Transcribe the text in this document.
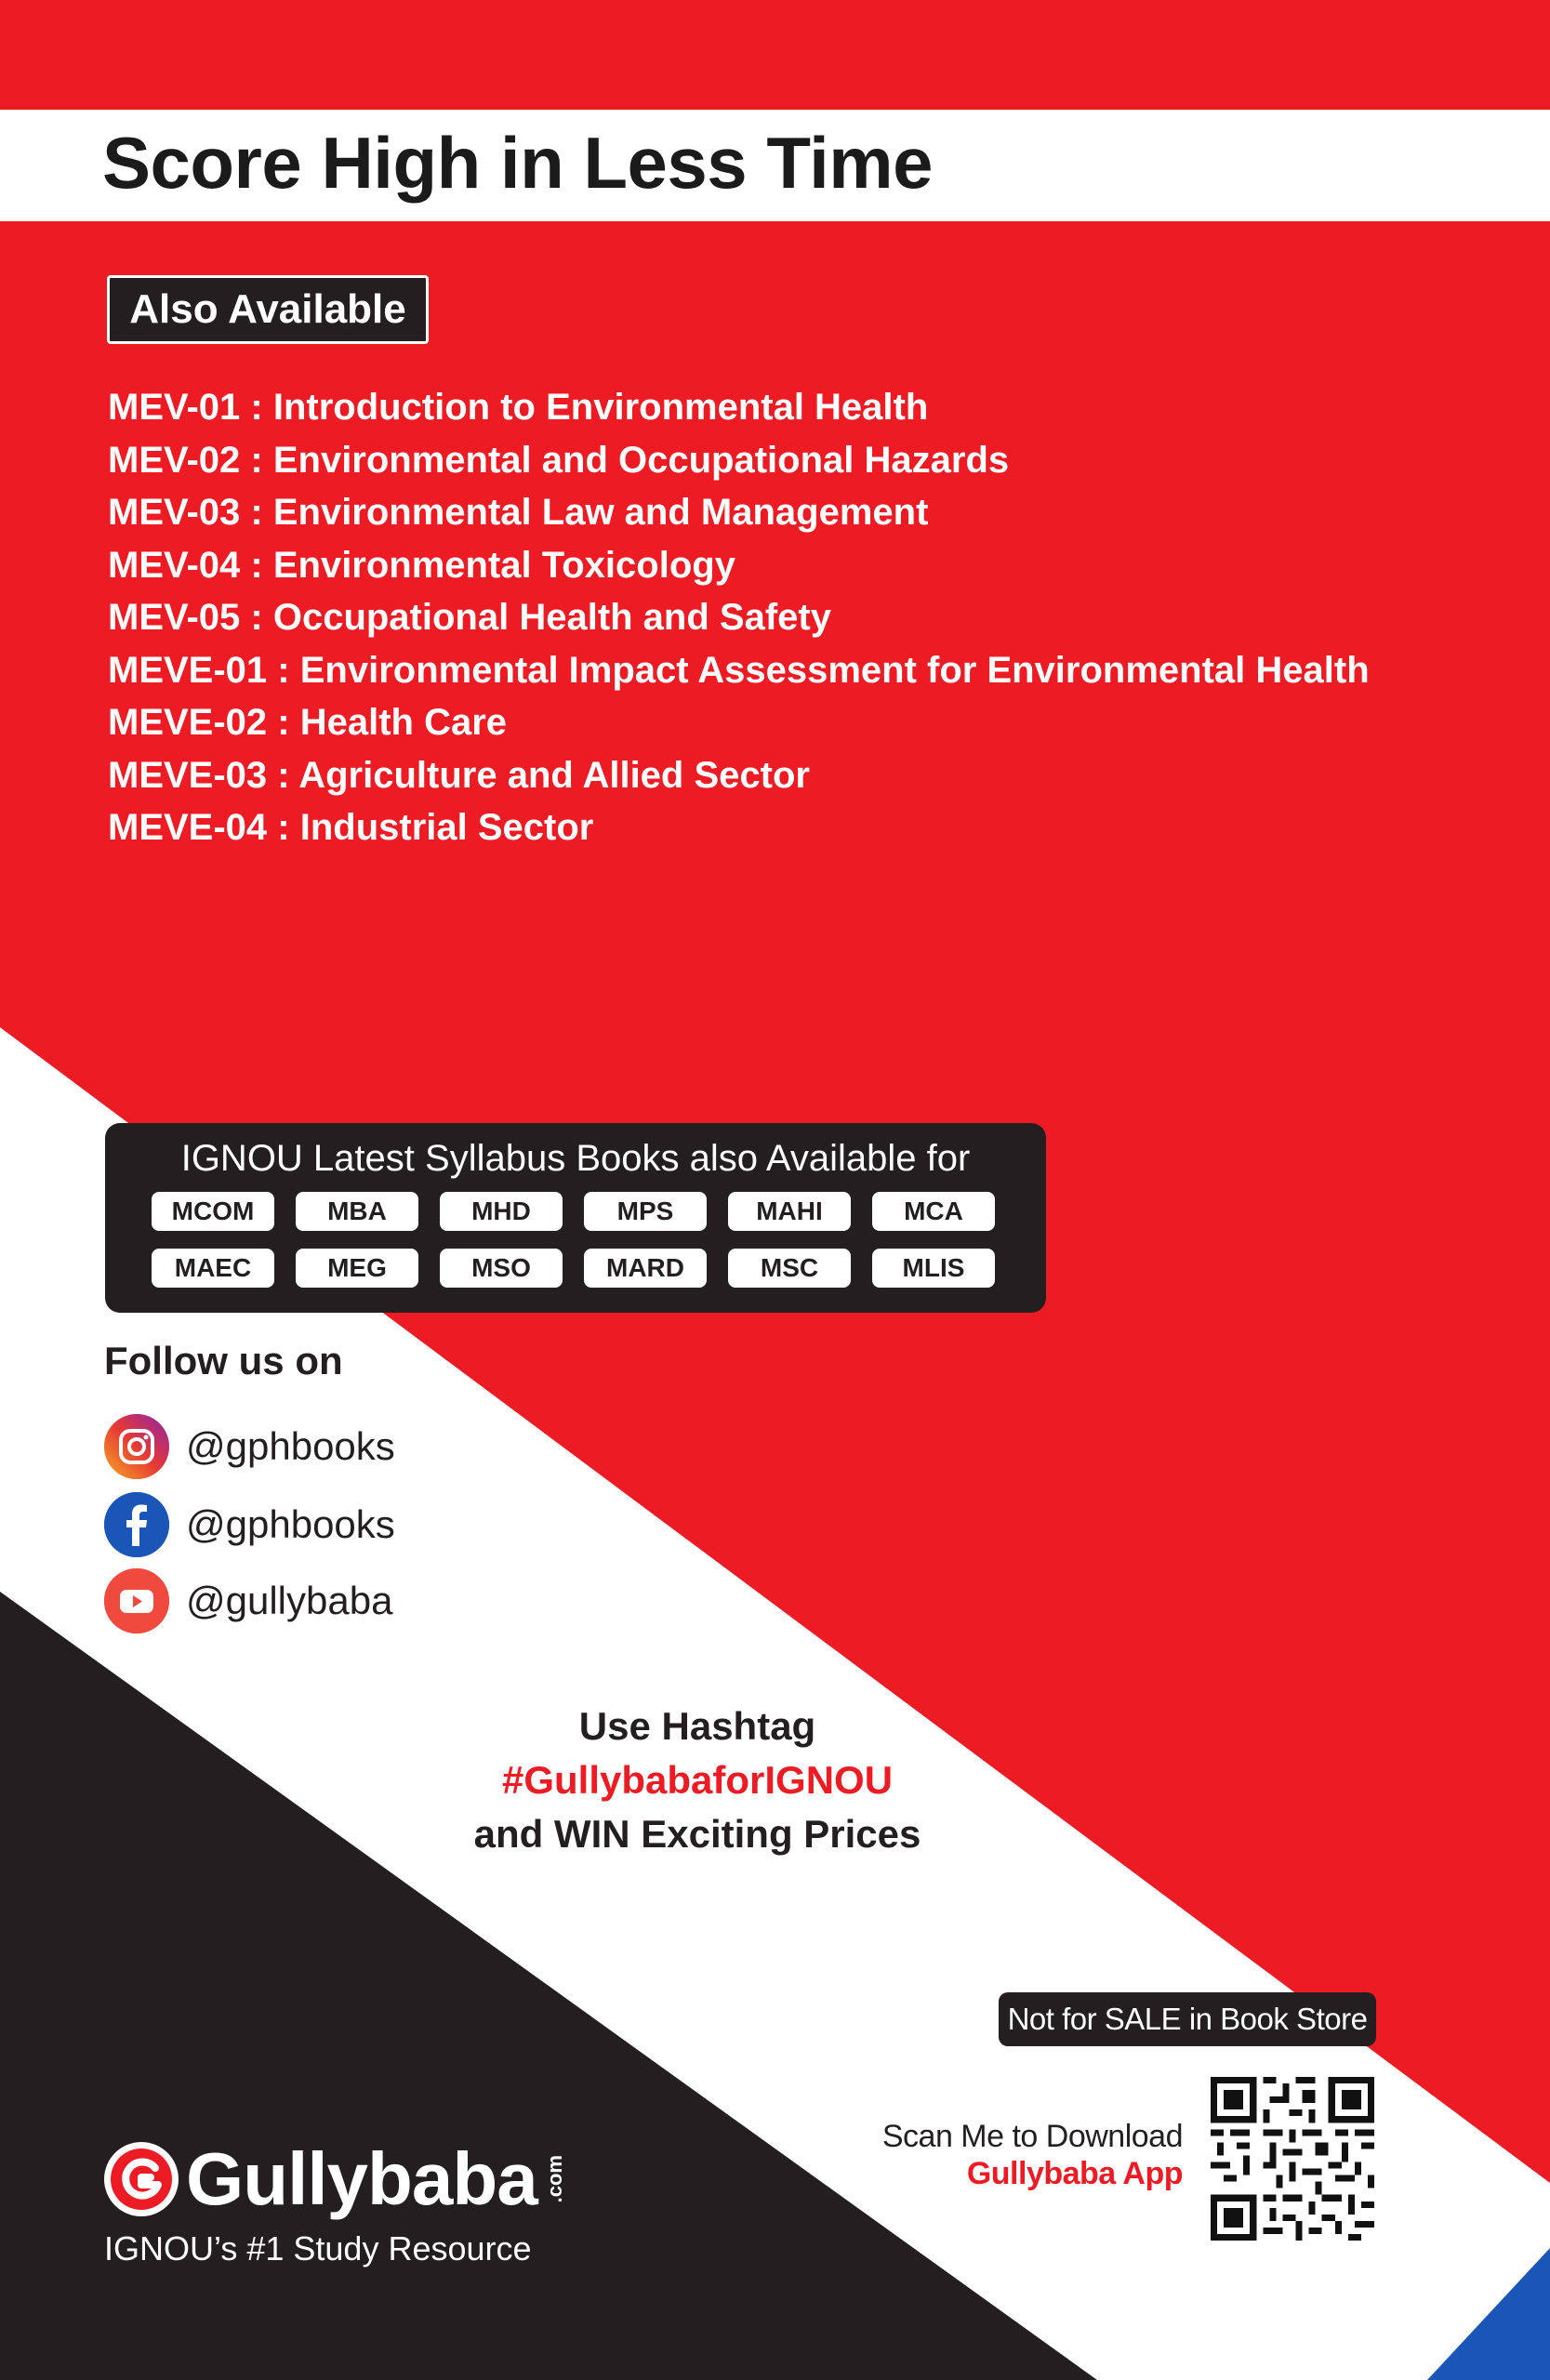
Score High in Less Time
Also Available
MEV-01 : Introduction to Environmental Health
MEV-02 : Environmental and Occupational Hazards
MEV-03 : Environmental Law and Management
MEV-04 : Environmental Toxicology
MEV-05 : Occupational Health and Safety
MEVE-01 : Environmental Impact Assessment for Environmental Health
MEVE-02 : Health Care
MEVE-03 : Agriculture and Allied Sector
MEVE-04 : Industrial Sector
IGNOU Latest Syllabus Books also Available for
MCOM	MBA	MHD	MPS	MAHI	MCA
MAEC	MEG	MSO	MARD	MSC	MLIS
Follow us on
@gphbooks
@gphbooks
@gullybaba
Use Hashtag
#GullybabaforIGNOU
and WIN Exciting Prices
Not for SALE in Book Store
Scan Me to Download
Gullybaba App
Gullybaba .com
IGNOU’s #1 Study Resource
